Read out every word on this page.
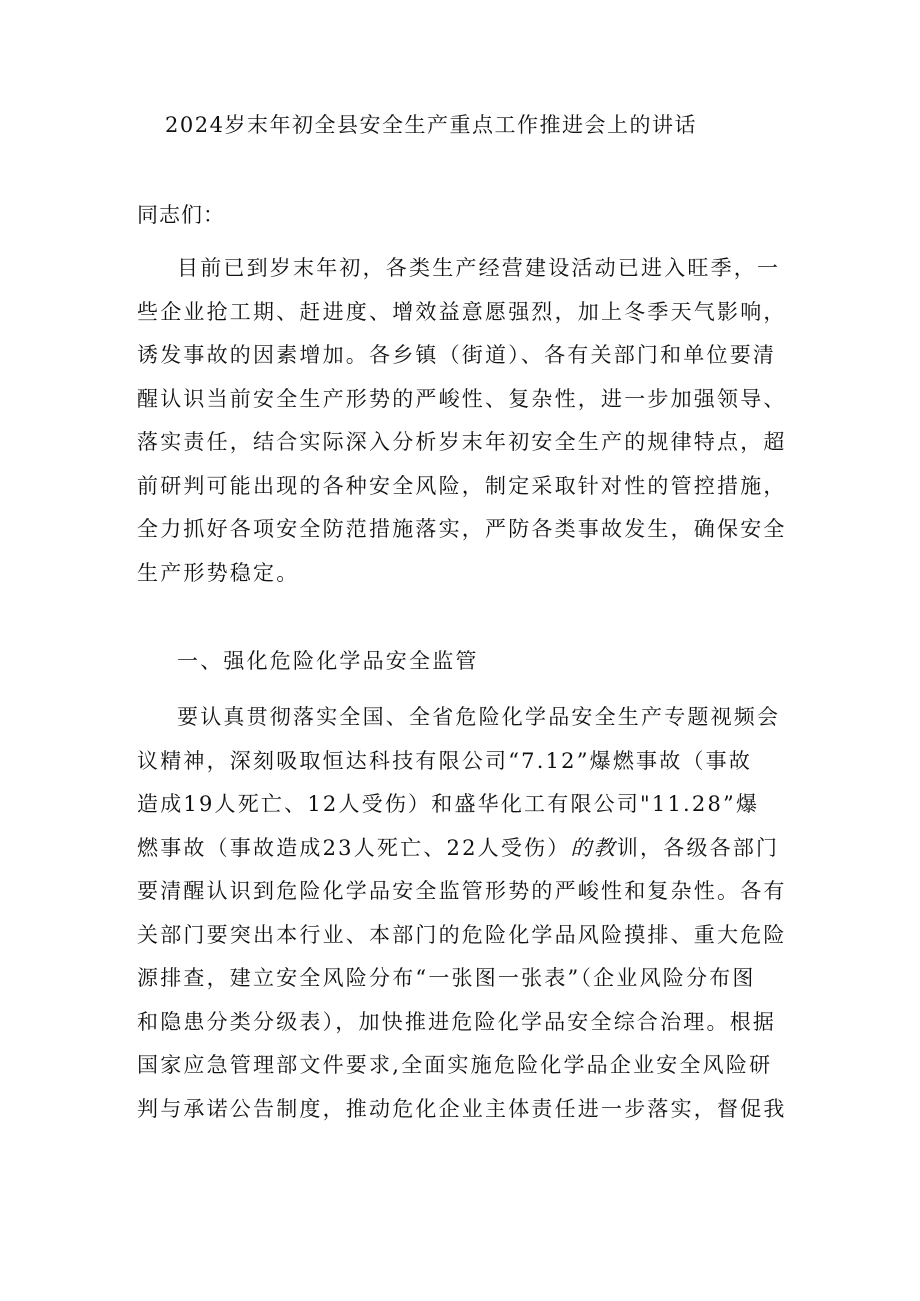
2024岁末年初全县安全生产重点工作推进会上的讲话

同志们：

目前已到岁末年初，各类生产经营建设活动已进入旺季，一
些企业抢工期、赶进度、增效益意愿强烈，加上冬季天气影响，
诱发事故的因素增加。各乡镇（街道）、各有关部门和单位要清
醒认识当前安全生产形势的严峻性、复杂性，进一步加强领导、
落实责任，结合实际深入分析岁末年初安全生产的规律特点，超
前研判可能出现的各种安全风险，制定采取针对性的管控措施，
全力抓好各项安全防范措施落实，严防各类事故发生，确保安全
生产形势稳定。
一、强化危险化学品安全监管
要认真贯彻落实全国、全省危险化学品安全生产专题视频会
议精神，深刻吸取恒达科技有限公司“7.12”爆燃事故（事故
造成19人死亡、12人受伤）和盛华化工有限公司"11.28”爆
燃事故（事故造成23人死亡、22人受伤）的教训，各级各部门
要清醒认识到危险化学品安全监管形势的严峻性和复杂性。各有
关部门要突出本行业、本部门的危险化学品风险摸排、重大危险
源排查，建立安全风险分布“一张图一张表”（企业风险分布图
和隐患分类分级表），加快推进危险化学品安全综合治理。根据
国家应急管理部文件要求,全面实施危险化学品企业安全风险研
判与承诺公告制度，推动危化企业主体责任进一步落实，督促我
